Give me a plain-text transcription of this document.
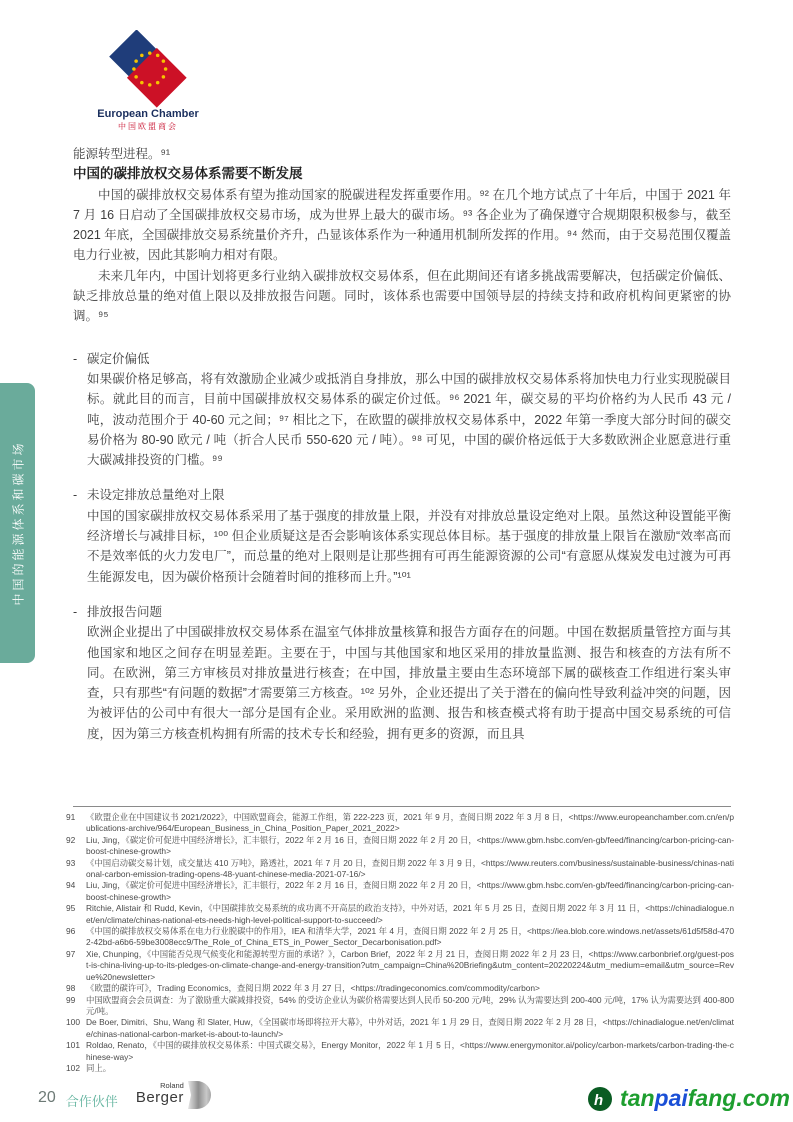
European Chamber
中国欧盟商会
中国的能源体系和碳市场

能源转型进程。⁹¹

中国的碳排放权交易体系需要不断发展

中国的碳排放权交易体系有望为推动国家的脱碳进程发挥重要作用。⁹² 在几个地方试点了十年后，中国于 2021 年 7 月 16 日启动了全国碳排放权交易市场，成为世界上最大的碳市场。⁹³ 各企业为了确保遵守合规期限积极参与，截至 2021 年底，全国碳排放交易系统量价齐升，凸显该体系作为一种通用机制所发挥的作用。⁹⁴ 然而，由于交易范围仅覆盖电力行业被，因此其影响力相对有限。

未来几年内，中国计划将更多行业纳入碳排放权交易体系，但在此期间还有诸多挑战需要解决，包括碳定价偏低、缺乏排放总量的绝对值上限以及排放报告问题。同时，该体系也需要中国领导层的持续支持和政府机构间更紧密的协调。⁹⁵

- 碳定价偏低

如果碳价格足够高，将有效激励企业减少或抵消自身排放，那么中国的碳排放权交易体系将加快电力行业实现脱碳目标。就此目的而言，目前中国碳排放权交易体系的碳定价过低。⁹⁶ 2021 年，碳交易的平均价格约为人民币 43 元 / 吨，波动范围介于 40-60 元之间；⁹⁷ 相比之下，在欧盟的碳排放权交易体系中，2022 年第一季度大部分时间的碳交易价格为 80-90 欧元 / 吨（折合人民币 550-620 元 / 吨）。⁹⁸ 可见，中国的碳价格远低于大多数欧洲企业愿意进行重大碳减排投资的门槛。⁹⁹

- 未设定排放总量绝对上限

中国的国家碳排放权交易体系采用了基于强度的排放量上限，并没有对排放总量设定绝对上限。虽然这种设置能平衡经济增长与减排目标，¹⁰⁰ 但企业质疑这是否会影响该体系实现总体目标。基于强度的排放量上限旨在激励“效率高而不是效率低的火力发电厂”，而总量的绝对上限则是让那些拥有可再生能源资源的公司“有意愿从煤炭发电过渡为可再生能源发电，因为碳价格预计会随着时间的推移而上升。”¹⁰¹

- 排放报告问题

欧洲企业提出了中国碳排放权交易体系在温室气体排放量核算和报告方面存在的问题。中国在数据质量管控方面与其他国家和地区之间存在明显差距。主要在于，中国与其他国家和地区采用的排放量监测、报告和核查的方法有所不同。在欧洲，第三方审核员对排放量进行核查；在中国，排放量主要由生态环境部下属的碳核查工作组进行案头审查，只有那些“有问题的数据”才需要第三方核查。¹⁰² 另外，企业还提出了关于潜在的偏向性导致利益冲突的问题，因为被评估的公司中有很大一部分是国有企业。采用欧洲的监测、报告和核查模式将有助于提高中国交易系统的可信度，因为第三方核查机构拥有所需的技术专长和经验，拥有更多的资源，而且具

91	《欧盟企业在中国建议书 2021/2022》，中国欧盟商会，能源工作组，第 222-223 页，2021 年 9 月，查阅日期 2022 年 3 月 8 日，<https://www.europeanchamber.com.cn/en/publications-archive/964/European_Business_in_China_Position_Paper_2021_2022>
92	Liu, Jing，《碳定价可促进中国经济增长》，汇丰银行，2022 年 2 月 16 日，查阅日期 2022 年 2 月 20 日，<https://www.gbm.hsbc.com/en-gb/feed/financing/carbon-pricing-can-boost-chinese-growth>
93	《中国启动碳交易计划，成交量达 410 万吨》，路透社，2021 年 7 月 20 日，查阅日期 2022 年 3 月 9 日，<https://www.reuters.com/business/sustainable-business/chinas-national-carbon-emission-trading-opens-48-yuant-chinese-media-2021-07-16/>
94	Liu, Jing，《碳定价可促进中国经济增长》，汇丰银行，2022 年 2 月 16 日，查阅日期 2022 年 2 月 20 日，<https://www.gbm.hsbc.com/en-gb/feed/financing/carbon-pricing-can-boost-chinese-growth>
95	Ritchie, Alistair 和 Rudd, Kevin，《中国碳排放交易系统的成功离不开高层的政治支持》，中外对话，2021 年 5 月 25 日，查阅日期 2022 年 3 月 11 日，<https://chinadialogue.net/en/climate/chinas-national-ets-needs-high-level-political-support-to-succeed/>
96	《中国的碳排放权交易体系在电力行业脱碳中的作用》，IEA 和清华大学，2021 年 4 月，查阅日期 2022 年 2 月 25 日，<https://iea.blob.core.windows.net/assets/61d5f58d-4702-42bd-a6b6-59be3008ecc9/The_Role_of_China_ETS_in_Power_Sector_Decarbonisation.pdf>
97	Xie, Chunping，《中国能否兑现气候变化和能源转型方面的承诺？》，Carbon Brief，2022 年 2 月 21 日，查阅日期 2022 年 2 月 23 日，<https://www.carbonbrief.org/guest-post-is-china-living-up-to-its-pledges-on-climate-change-and-energy-transition?utm_campaign=China%20Briefing&utm_content=20220224&utm_medium=email&utm_source=Revue%20newsletter>
98	《欧盟的碳许可》，Trading Economics，查阅日期 2022 年 3 月 27 日，<https://tradingeconomics.com/commodity/carbon>
99	中国欧盟商会会员调查：为了激励重大碳减排投资，54% 的受访企业认为碳价格需要达到人民币 50-200 元/吨，29% 认为需要达到 200-400 元/吨，17% 认为需要达到 400-800 元/吨。
100 De Boer, Dimitri、Shu, Wang 和 Slater, Huw，《全国碳市场即将拉开大幕》，中外对话，2021 年 1 月 29 日，查阅日期 2022 年 2 月 28 日，<https://chinadialogue.net/en/climate/chinas-national-carbon-market-is-about-to-launch/>
101 Roldao, Renato，《中国的碳排放权交易体系：中国式碳交易》，Energy Monitor，2022 年 1 月 5 日，<https://www.energymonitor.ai/policy/carbon-markets/carbon-trading-the-chinese-way>
102 同上。
20 合作伙伴
Roland
Berger	h tan pai fang.com
